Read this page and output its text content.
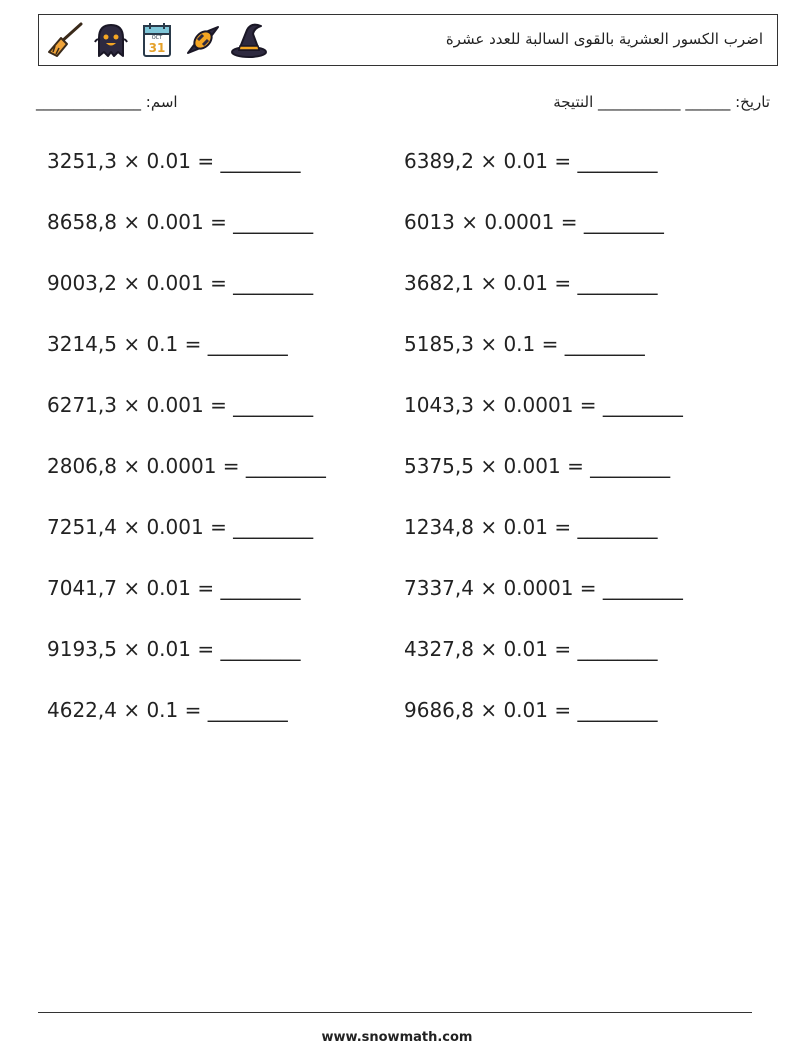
OCT
31	اضرب الكسور العشرية بالقوى السالبة للعدد عشرة
تاريخ: ______ ___________ النتيجة
اسم: ______________
3251,3 × 0.01 = ________	6389,2 × 0.01 = ________
8658,8 × 0.001 = ________	6013 × 0.0001 = ________
9003,2 × 0.001 = ________	3682,1 × 0.01 = ________
3214,5 × 0.1 = ________	5185,3 × 0.1 = ________
6271,3 × 0.001 = ________	1043,3 × 0.0001 = ________
2806,8 × 0.0001 = ________	5375,5 × 0.001 = ________
7251,4 × 0.001 = ________	1234,8 × 0.01 = ________
7041,7 × 0.01 = ________	7337,4 × 0.0001 = ________
9193,5 × 0.01 = ________	4327,8 × 0.01 = ________
4622,4 × 0.1 = ________	9686,8 × 0.01 = ________
www.snowmath.com
